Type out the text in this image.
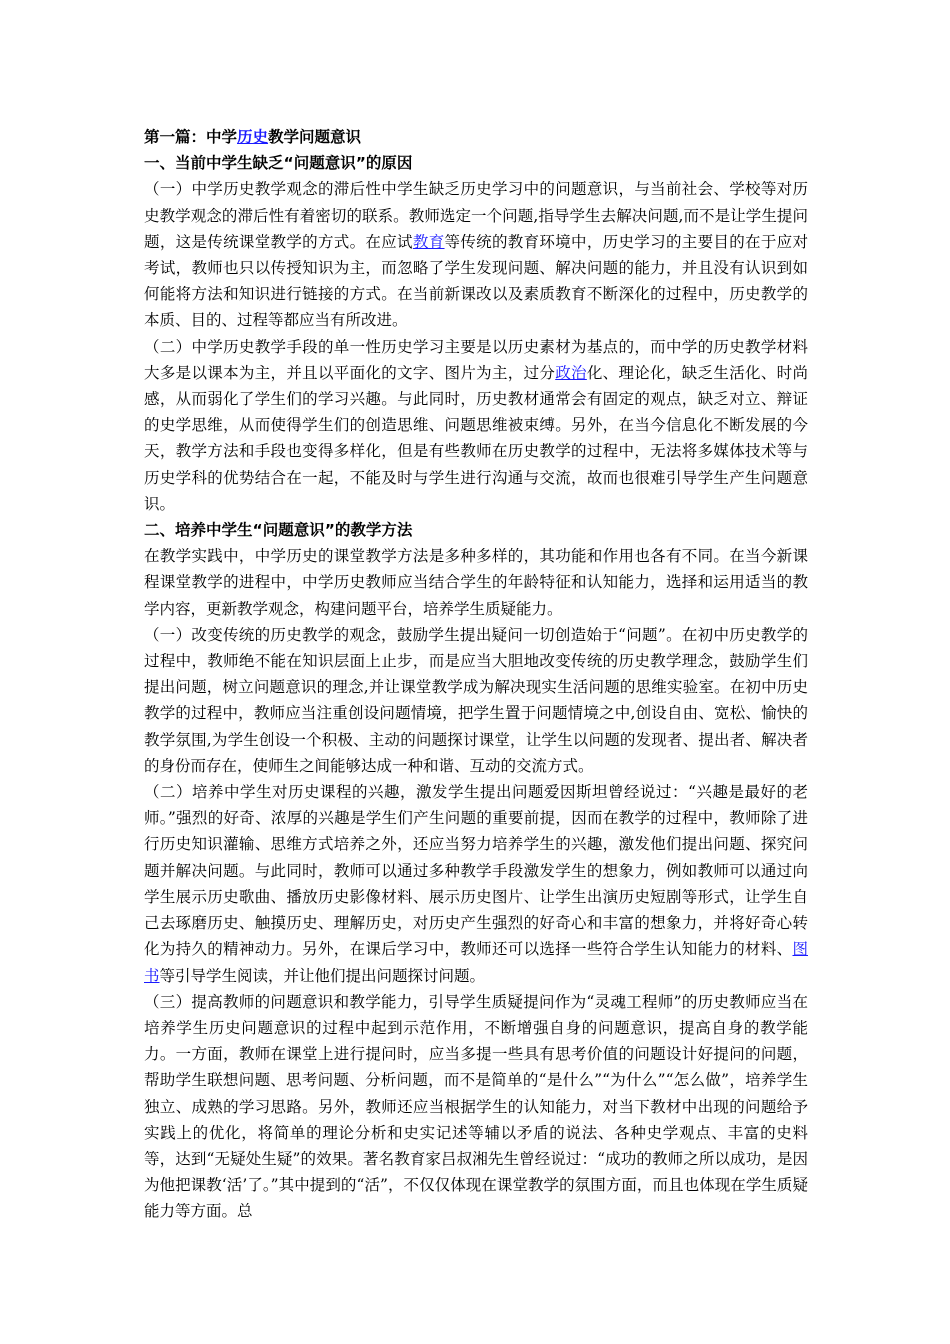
第一篇：中学历史教学问题意识

一、当前中学生缺乏“问题意识”的原因

（一）中学历史教学观念的滞后性中学生缺乏历史学习中的问题意识，与当前社会、学校等对历史教学观念的滞后性有着密切的联系。教师选定一个问题,指导学生去解决问题,而不是让学生提问题，这是传统课堂教学的方式。在应试教育等传统的教育环境中，历史学习的主要目的在于应对考试，教师也只以传授知识为主，而忽略了学生发现问题、解决问题的能力，并且没有认识到如何能将方法和知识进行链接的方式。在当前新课改以及素质教育不断深化的过程中，历史教学的本质、目的、过程等都应当有所改进。

（二）中学历史教学手段的单一性历史学习主要是以历史素材为基点的，而中学的历史教学材料大多是以课本为主，并且以平面化的文字、图片为主，过分政治化、理论化，缺乏生活化、时尚感，从而弱化了学生们的学习兴趣。与此同时，历史教材通常会有固定的观点，缺乏对立、辩证的史学思维，从而使得学生们的创造思维、问题思维被束缚。另外，在当今信息化不断发展的今天，教学方法和手段也变得多样化，但是有些教师在历史教学的过程中，无法将多媒体技术等与历史学科的优势结合在一起，不能及时与学生进行沟通与交流，故而也很难引导学生产生问题意识。

二、培养中学生“问题意识”的教学方法

在教学实践中，中学历史的课堂教学方法是多种多样的，其功能和作用也各有不同。在当今新课程课堂教学的进程中，中学历史教师应当结合学生的年龄特征和认知能力，选择和运用适当的教学内容，更新教学观念，构建问题平台，培养学生质疑能力。

（一）改变传统的历史教学的观念，鼓励学生提出疑问一切创造始于“问题”。在初中历史教学的过程中，教师绝不能在知识层面上止步，而是应当大胆地改变传统的历史教学理念，鼓励学生们提出问题，树立问题意识的理念,并让课堂教学成为解决现实生活问题的思维实验室。在初中历史教学的过程中，教师应当注重创设问题情境，把学生置于问题情境之中,创设自由、宽松、愉快的教学氛围,为学生创设一个积极、主动的问题探讨课堂，让学生以问题的发现者、提出者、解决者的身份而存在，使师生之间能够达成一种和谐、互动的交流方式。

（二）培养中学生对历史课程的兴趣，激发学生提出问题爱因斯坦曾经说过：“兴趣是最好的老师。”强烈的好奇、浓厚的兴趣是学生们产生问题的重要前提，因而在教学的过程中，教师除了进行历史知识灌输、思维方式培养之外，还应当努力培养学生的兴趣，激发他们提出问题、探究问题并解决问题。与此同时，教师可以通过多种教学手段激发学生的想象力，例如教师可以通过向学生展示历史歌曲、播放历史影像材料、展示历史图片、让学生出演历史短剧等形式，让学生自己去琢磨历史、触摸历史、理解历史，对历史产生强烈的好奇心和丰富的想象力，并将好奇心转化为持久的精神动力。另外，在课后学习中，教师还可以选择一些符合学生认知能力的材料、图书等引导学生阅读，并让他们提出问题探讨问题。

（三）提高教师的问题意识和教学能力，引导学生质疑提问作为“灵魂工程师”的历史教师应当在培养学生历史问题意识的过程中起到示范作用，不断增强自身的问题意识，提高自身的教学能力。一方面，教师在课堂上进行提问时，应当多提一些具有思考价值的问题设计好提问的问题，帮助学生联想问题、思考问题、分析问题，而不是简单的“是什么”“为什么”“怎么做”，培养学生独立、成熟的学习思路。另外，教师还应当根据学生的认知能力，对当下教材中出现的问题给予实践上的优化，将简单的理论分析和史实记述等辅以矛盾的说法、各种史学观点、丰富的史料等，达到“无疑处生疑”的效果。著名教育家吕叔湘先生曾经说过：“成功的教师之所以成功，是因为他把课教‘活’了。”其中提到的“活”，不仅仅体现在课堂教学的氛围方面，而且也体现在学生质疑能力等方面。总
